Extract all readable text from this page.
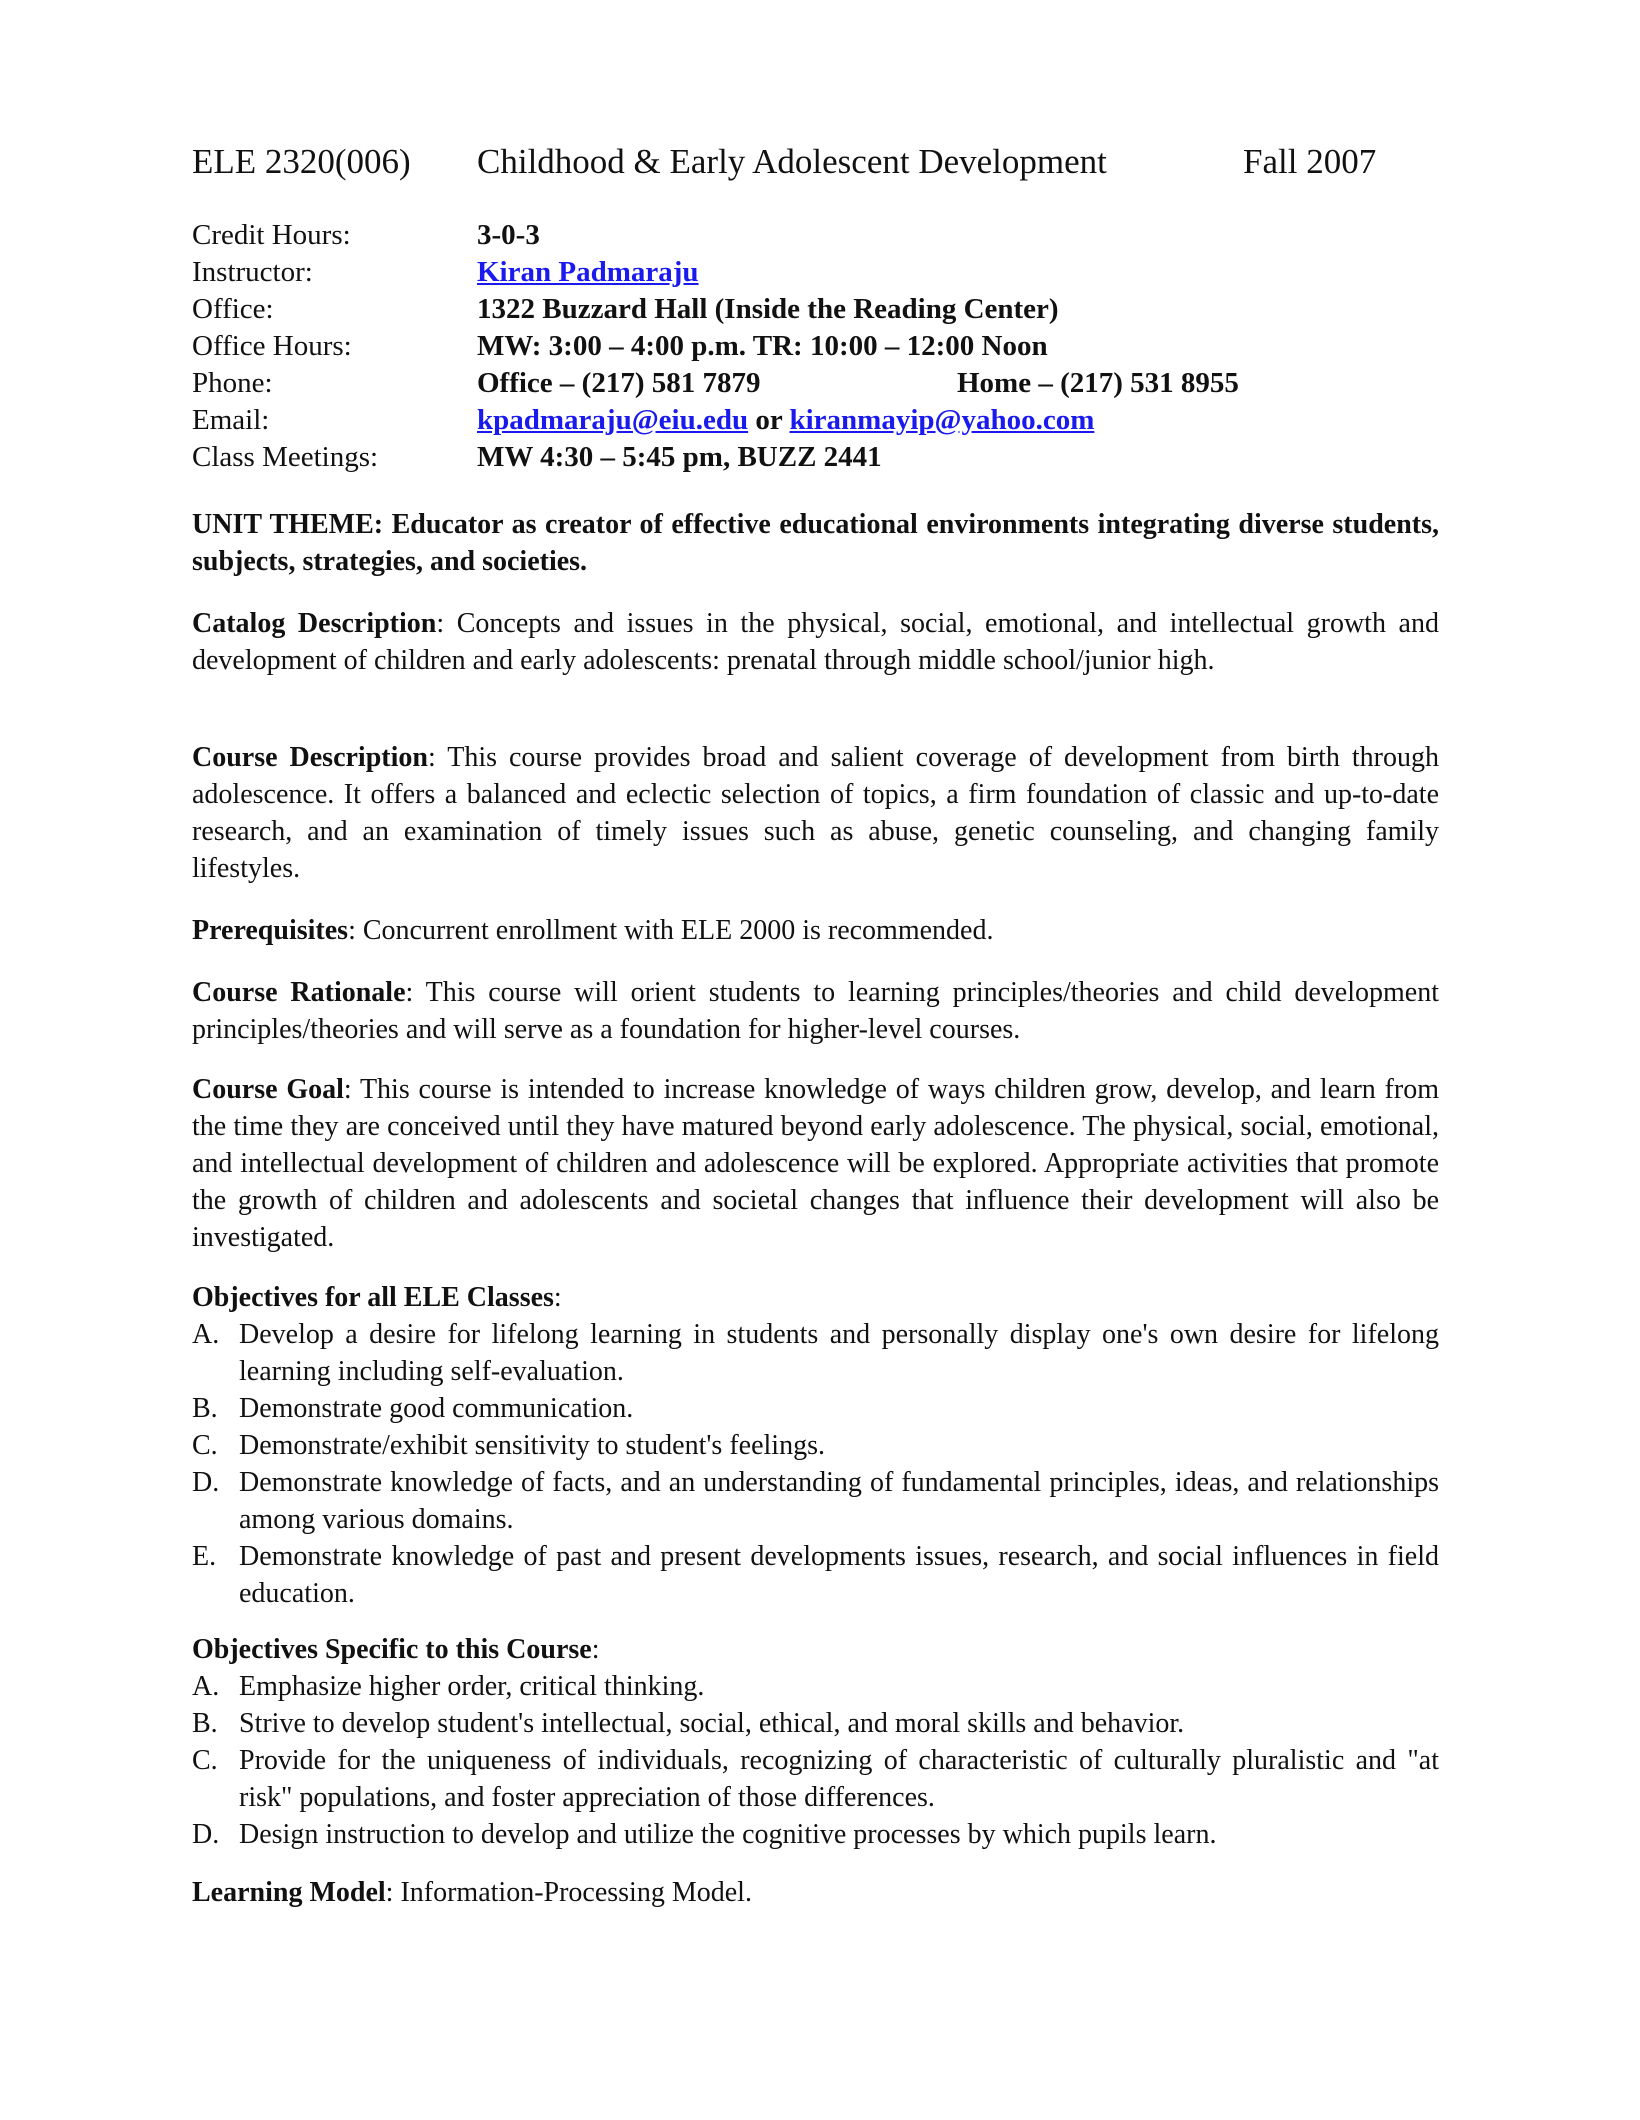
ELE 2320(006) Childhood & Early Adolescent Development	Fall 2007
Credit Hours:	3-0-3
Instructor:	Kiran Padmaraju
Office:	1322 Buzzard Hall (Inside the Reading Center)
Office Hours:	MW: 3:00 – 4:00 p.m. TR: 10:00 – 12:00 Noon
Phone:	Office – (217) 581 7879	Home – (217) 531 8955
Email:	kpadmaraju@eiu.edu or kiranmayip@yahoo.com
Class Meetings:	MW 4:30 – 5:45 pm, BUZZ 2441

UNIT THEME: Educator as creator of effective educational environments integrating diverse students, subjects, strategies, and societies.

Catalog Description: Concepts and issues in the physical, social, emotional, and intellectual growth and development of children and early adolescents: prenatal through middle school/junior high.

Course Description: This course provides broad and salient coverage of development from birth through adolescence. It offers a balanced and eclectic selection of topics, a firm foundation of classic and up-to-date research, and an examination of timely issues such as abuse, genetic counseling, and changing family lifestyles.

Prerequisites: Concurrent enrollment with ELE 2000 is recommended.

Course Rationale: This course will orient students to learning principles/theories and child development principles/theories and will serve as a foundation for higher-level courses.

Course Goal: This course is intended to increase knowledge of ways children grow, develop, and learn from the time they are conceived until they have matured beyond early adolescence. The physical, social, emotional, and intellectual development of children and adolescence will be explored. Appropriate activities that promote the growth of children and adolescents and societal changes that influence their development will also be investigated.

Objectives for all ELE Classes:

A. Develop a desire for lifelong learning in students and personally display one's own desire for lifelong learning including self-evaluation.
B. Demonstrate good communication.
C. Demonstrate/exhibit sensitivity to student's feelings.
D. Demonstrate knowledge of facts, and an understanding of fundamental principles, ideas, and relationships among various domains.
E. Demonstrate knowledge of past and present developments issues, research, and social influences in field education.

Objectives Specific to this Course:

A. Emphasize higher order, critical thinking.
B. Strive to develop student's intellectual, social, ethical, and moral skills and behavior.
C. Provide for the uniqueness of individuals, recognizing of characteristic of culturally pluralistic and "at risk" populations, and foster appreciation of those differences.
D. Design instruction to develop and utilize the cognitive processes by which pupils learn.

Learning Model: Information-Processing Model.
